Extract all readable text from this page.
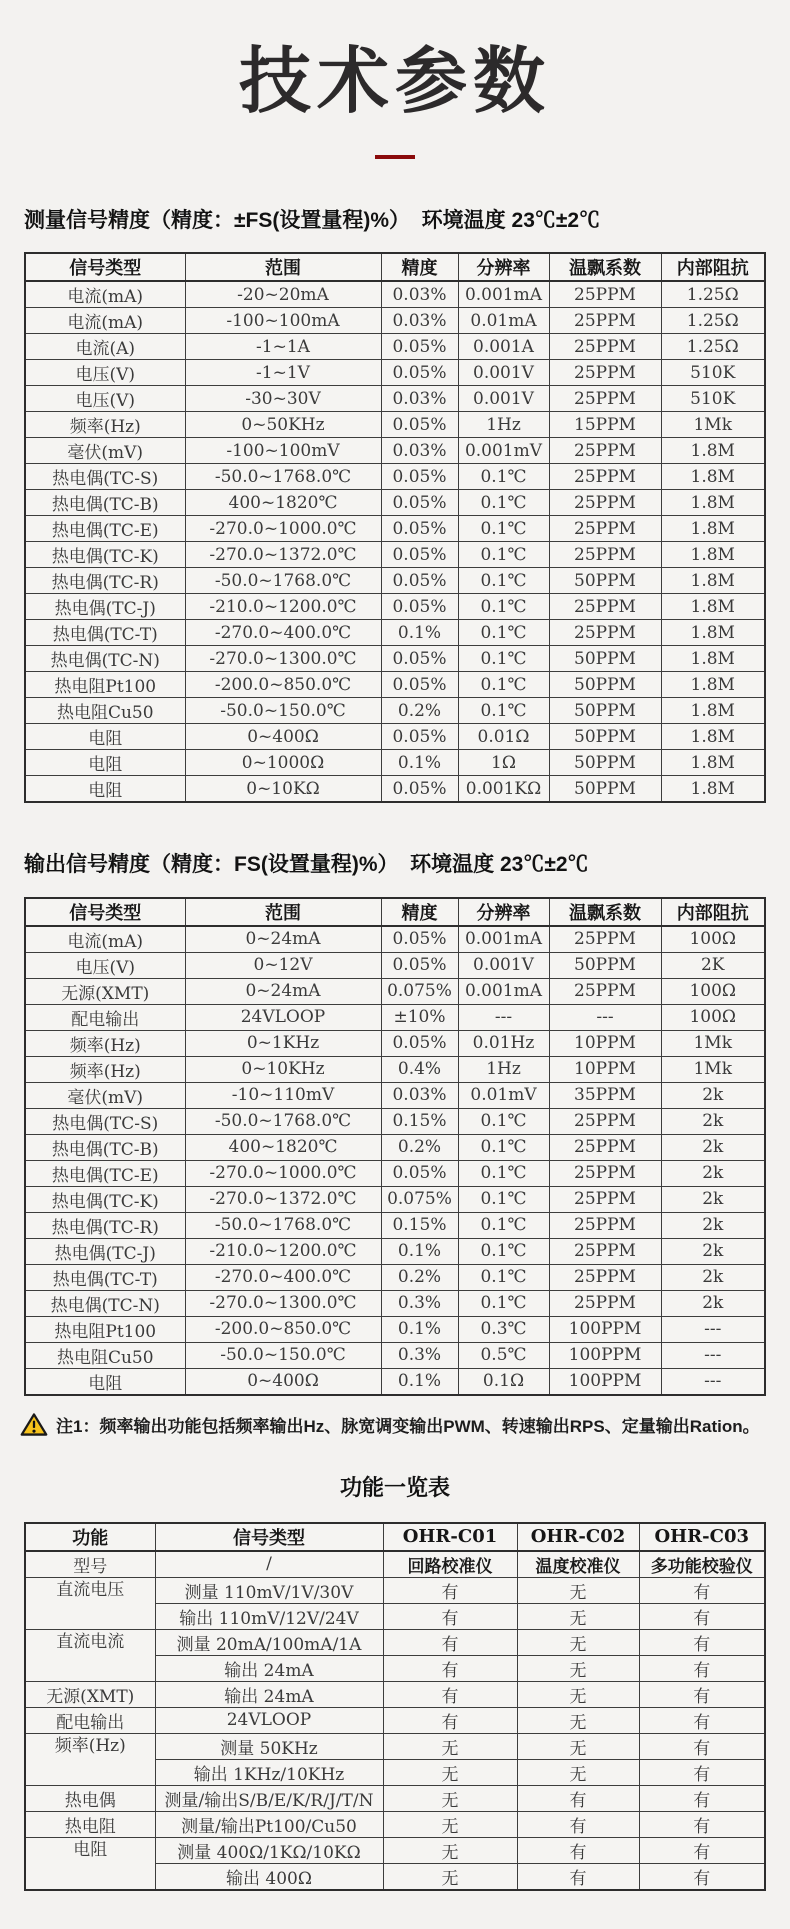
技术参数
测量信号精度（精度：±FS(设置量程)%）  环境温度 23℃±2℃
信号类型	范围	精度	分辨率	温飘系数	内部阻抗
电流(mA)	-20~20mA	0.03%	0.001mA	25PPM	1.25Ω
电流(mA)	-100~100mA	0.03%	0.01mA	25PPM	1.25Ω
电流(A)	-1~1A	0.05%	0.001A	25PPM	1.25Ω
电压(V)	-1~1V	0.05%	0.001V	25PPM	510K
电压(V)	-30~30V	0.03%	0.001V	25PPM	510K
频率(Hz)	0~50KHz	0.05%	1Hz	15PPM	1Mk
毫伏(mV)	-100~100mV	0.03%	0.001mV	25PPM	1.8M
热电偶(TC-S)	-50.0~1768.0℃	0.05%	0.1℃	25PPM	1.8M
热电偶(TC-B)	400~1820℃	0.05%	0.1℃	25PPM	1.8M
热电偶(TC-E)	-270.0~1000.0℃	0.05%	0.1℃	25PPM	1.8M
热电偶(TC-K)	-270.0~1372.0℃	0.05%	0.1℃	25PPM	1.8M
热电偶(TC-R)	-50.0~1768.0℃	0.05%	0.1℃	50PPM	1.8M
热电偶(TC-J)	-210.0~1200.0℃	0.05%	0.1℃	25PPM	1.8M
热电偶(TC-T)	-270.0~400.0℃	0.1%	0.1℃	25PPM	1.8M
热电偶(TC-N)	-270.0~1300.0℃	0.05%	0.1℃	50PPM	1.8M
热电阻Pt100	-200.0~850.0℃	0.05%	0.1℃	50PPM	1.8M
热电阻Cu50	-50.0~150.0℃	0.2%	0.1℃	50PPM	1.8M
电阻	0~400Ω	0.05%	0.01Ω	50PPM	1.8M
电阻	0~1000Ω	0.1%	1Ω	50PPM	1.8M
电阻	0~10KΩ	0.05%	0.001KΩ	50PPM	1.8M
输出信号精度（精度：FS(设置量程)%）  环境温度 23℃±2℃
信号类型	范围	精度	分辨率	温飘系数	内部阻抗
电流(mA)	0~24mA	0.05%	0.001mA	25PPM	100Ω
电压(V)	0~12V	0.05%	0.001V	50PPM	2K
无源(XMT)	0~24mA	0.075%	0.001mA	25PPM	100Ω
配电输出	24VLOOP	±10%	---	---	100Ω
频率(Hz)	0~1KHz	0.05%	0.01Hz	10PPM	1Mk
频率(Hz)	0~10KHz	0.4%	1Hz	10PPM	1Mk
毫伏(mV)	-10~110mV	0.03%	0.01mV	35PPM	2k
热电偶(TC-S)	-50.0~1768.0℃	0.15%	0.1℃	25PPM	2k
热电偶(TC-B)	400~1820℃	0.2%	0.1℃	25PPM	2k
热电偶(TC-E)	-270.0~1000.0℃	0.05%	0.1℃	25PPM	2k
热电偶(TC-K)	-270.0~1372.0℃	0.075%	0.1℃	25PPM	2k
热电偶(TC-R)	-50.0~1768.0℃	0.15%	0.1℃	25PPM	2k
热电偶(TC-J)	-210.0~1200.0℃	0.1%	0.1℃	25PPM	2k
热电偶(TC-T)	-270.0~400.0℃	0.2%	0.1℃	25PPM	2k
热电偶(TC-N)	-270.0~1300.0℃	0.3%	0.1℃	25PPM	2k
热电阻Pt100	-200.0~850.0℃	0.1%	0.3℃	100PPM	---
热电阻Cu50	-50.0~150.0℃	0.3%	0.5℃	100PPM	---
电阻	0~400Ω	0.1%	0.1Ω	100PPM	---
注1：频率输出功能包括频率输出Hz、脉宽调变输出PWM、转速输出RPS、定量输出Ration。
功能一览表
功能	信号类型	OHR-C01	OHR-C02	OHR-C03
型号	/	回路校准仪	温度校准仪	多功能校验仪
直流电压	测量 110mV/1V/30V	有	无	有
	输出 110mV/12V/24V	有	无	有
直流电流	测量 20mA/100mA/1A	有	无	有
	输出 24mA	有	无	有
无源(XMT)	输出 24mA	有	无	有
配电输出	24VLOOP	有	无	有
频率(Hz)	测量 50KHz	无	无	有
	输出 1KHz/10KHz	无	无	有
热电偶	测量/输出S/B/E/K/R/J/T/N	无	有	有
热电阻	测量/输出Pt100/Cu50	无	有	有
电阻	测量 400Ω/1KΩ/10KΩ	无	有	有
	输出 400Ω	无	有	有
